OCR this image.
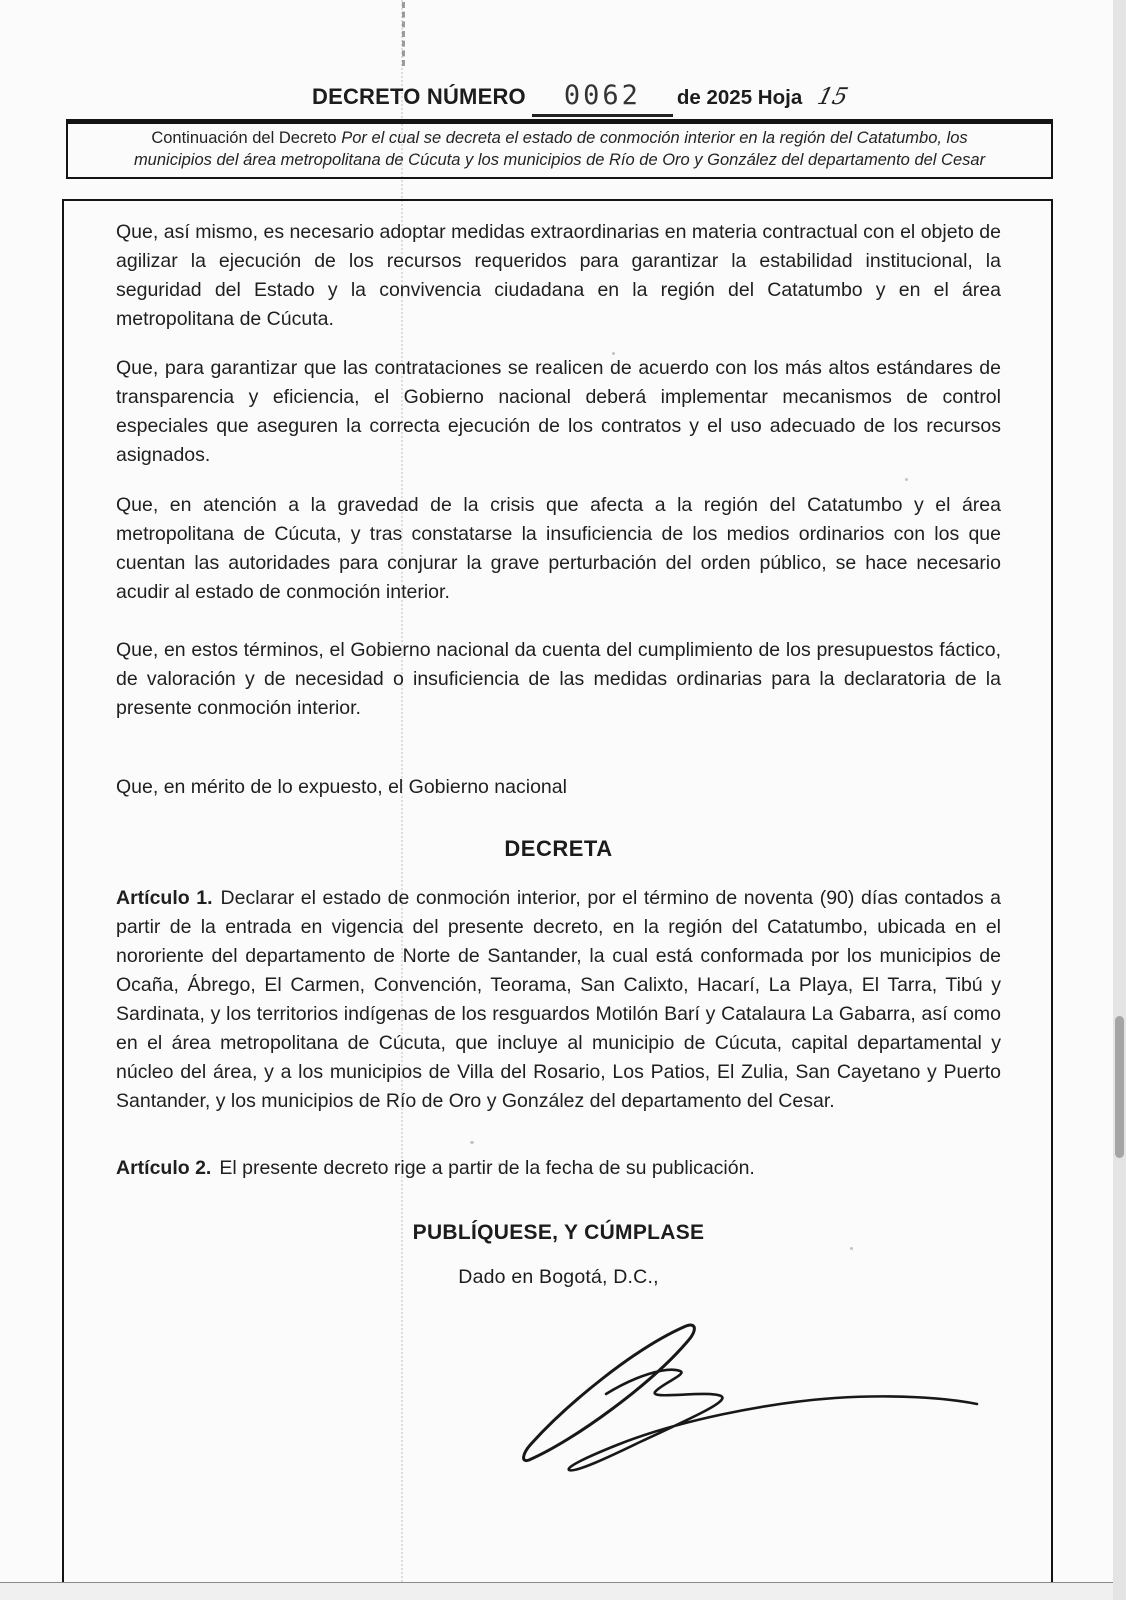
DECRETO NÚMERO	0062	de 2025 Hoja 15
Continuación del Decreto Por el cual se decreta el estado de conmoción interior en la región del Catatumbo, los municipios del área metropolitana de Cúcuta y los municipios de Río de Oro y González del departamento del Cesar

Que, así mismo, es necesario adoptar medidas extraordinarias en materia contractual con el objeto de agilizar la ejecución de los recursos requeridos para garantizar la estabilidad institucional, la seguridad del Estado y la convivencia ciudadana en la región del Catatumbo y en el área metropolitana de Cúcuta.

Que, para garantizar que las contrataciones se realicen de acuerdo con los más altos estándares de transparencia y eficiencia, el Gobierno nacional deberá implementar mecanismos de control especiales que aseguren la correcta ejecución de los contratos y el uso adecuado de los recursos asignados.

Que, en atención a la gravedad de la crisis que afecta a la región del Catatumbo y el área metropolitana de Cúcuta, y tras constatarse la insuficiencia de los medios ordinarios con los que cuentan las autoridades para conjurar la grave perturbación del orden público, se hace necesario acudir al estado de conmoción interior.

Que, en estos términos, el Gobierno nacional da cuenta del cumplimiento de los presupuestos fáctico, de valoración y de necesidad o insuficiencia de las medidas ordinarias para la declaratoria de la presente conmoción interior.

Que, en mérito de lo expuesto, el Gobierno nacional

DECRETA

Artículo 1. Declarar el estado de conmoción interior, por el término de noventa (90) días contados a partir de la entrada en vigencia del presente decreto, en la región del Catatumbo, ubicada en el nororiente del departamento de Norte de Santander, la cual está conformada por los municipios de Ocaña, Ábrego, El Carmen, Convención, Teorama, San Calixto, Hacarí, La Playa, El Tarra, Tibú y Sardinata, y los territorios indígenas de los resguardos Motilón Barí y Catalaura La Gabarra, así como en el área metropolitana de Cúcuta, que incluye al municipio de Cúcuta, capital departamental y núcleo del área, y a los municipios de Villa del Rosario, Los Patios, El Zulia, San Cayetano y Puerto Santander, y los municipios de Río de Oro y González del departamento del Cesar.

Artículo 2. El presente decreto rige a partir de la fecha de su publicación.

PUBLÍQUESE, Y CÚMPLASE

Dado en Bogotá, D.C.,
